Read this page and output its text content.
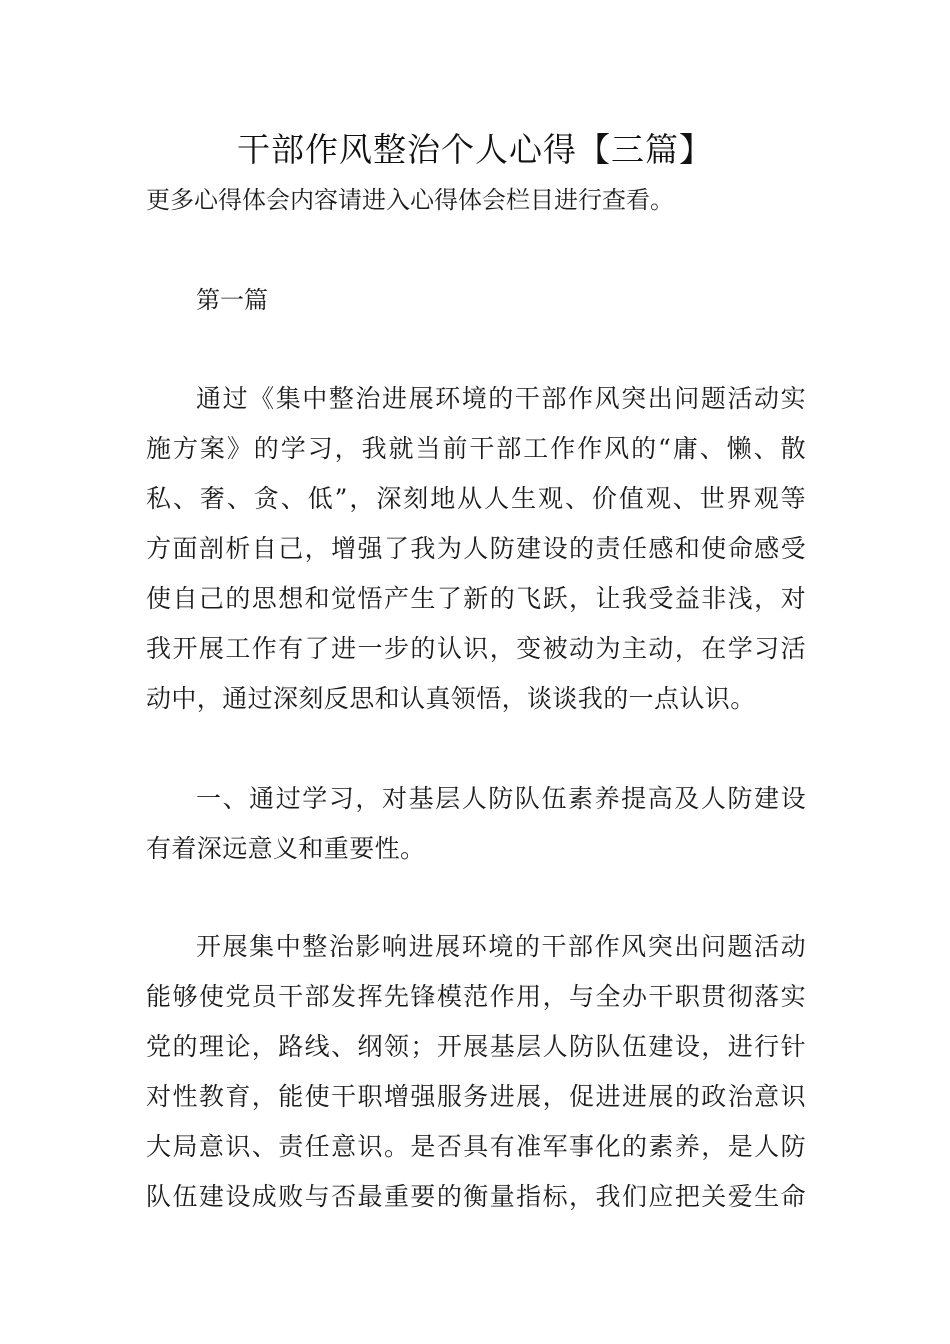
干部作风整治个人心得【三篇】

更多心得体会内容请进入心得体会栏目进行查看。

第一篇

通过《集中整治进展环境的干部作风突出问题活动实
施方案》的学习，我就当前干部工作作风的“庸、懒、散
私、奢、贪、低”，深刻地从人生观、价值观、世界观等
方面剖析自己，增强了我为人防建设的责任感和使命感受
使自己的思想和觉悟产生了新的飞跃，让我受益非浅，对
我开展工作有了进一步的认识，变被动为主动，在学习活
动中，通过深刻反思和认真领悟，谈谈我的一点认识。
一、通过学习，对基层人防队伍素养提高及人防建设
有着深远意义和重要性。
开展集中整治影响进展环境的干部作风突出问题活动
能够使党员干部发挥先锋模范作用，与全办干职贯彻落实
党的理论，路线、纲领；开展基层人防队伍建设，进行针
对性教育，能使干职增强服务进展，促进进展的政治意识
大局意识、责任意识。是否具有准军事化的素养，是人防
队伍建设成败与否最重要的衡量指标，我们应把关爱生命
